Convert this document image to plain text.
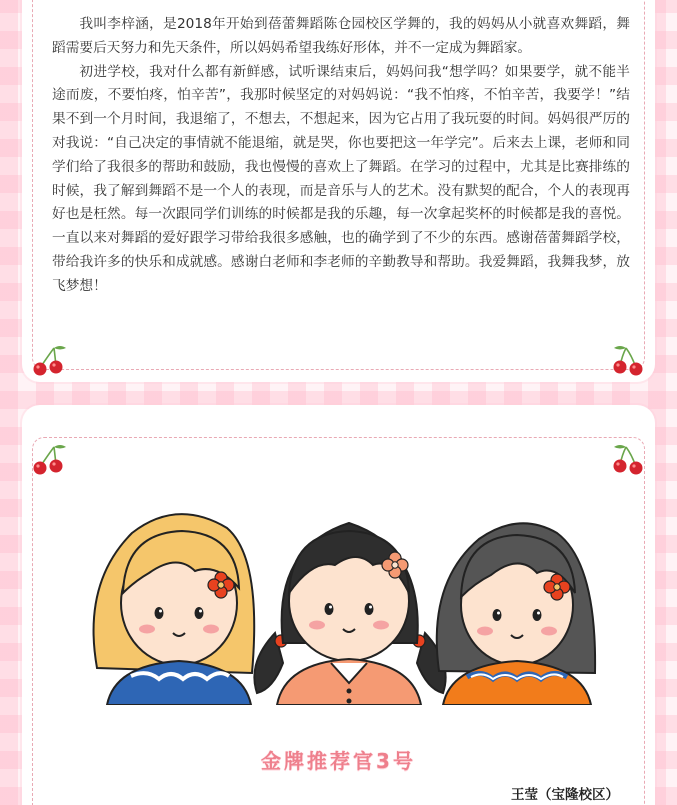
我叫李梓涵，是2018年开始到蓓蕾舞蹈陈仓园校区学舞的，我的妈妈从小就喜欢舞蹈，舞蹈需要后天努力和先天条件，所以妈妈希望我练好形体，并不一定成为舞蹈家。

初进学校，我对什么都有新鲜感，试听课结束后，妈妈问我“想学吗？如果要学，就不能半途而废，不要怕疼，怕辛苦”，我那时候坚定的对妈妈说：“我不怕疼，不怕辛苦，我要学！”结果不到一个月时间，我退缩了，不想去，不想起来，因为它占用了我玩耍的时间。妈妈很严厉的对我说：“自己决定的事情就不能退缩，就是哭，你也要把这一年学完”。后来去上课，老师和同学们给了我很多的帮助和鼓励，我也慢慢的喜欢上了舞蹈。在学习的过程中，尤其是比赛排练的时候，我了解到舞蹈不是一个人的表现，而是音乐与人的艺术。没有默契的配合，个人的表现再好也是枉然。每一次跟同学们训练的时候都是我的乐趣，每一次拿起奖杯的时候都是我的喜悦。一直以来对舞蹈的爱好跟学习带给我很多感触，也的确学到了不少的东西。感谢蓓蕾舞蹈学校，带给我许多的快乐和成就感。感谢白老师和李老师的辛勤教导和帮助。我爱舞蹈，我舞我梦，放飞梦想！

金牌推荐官3号
王莹（宝隆校区）
